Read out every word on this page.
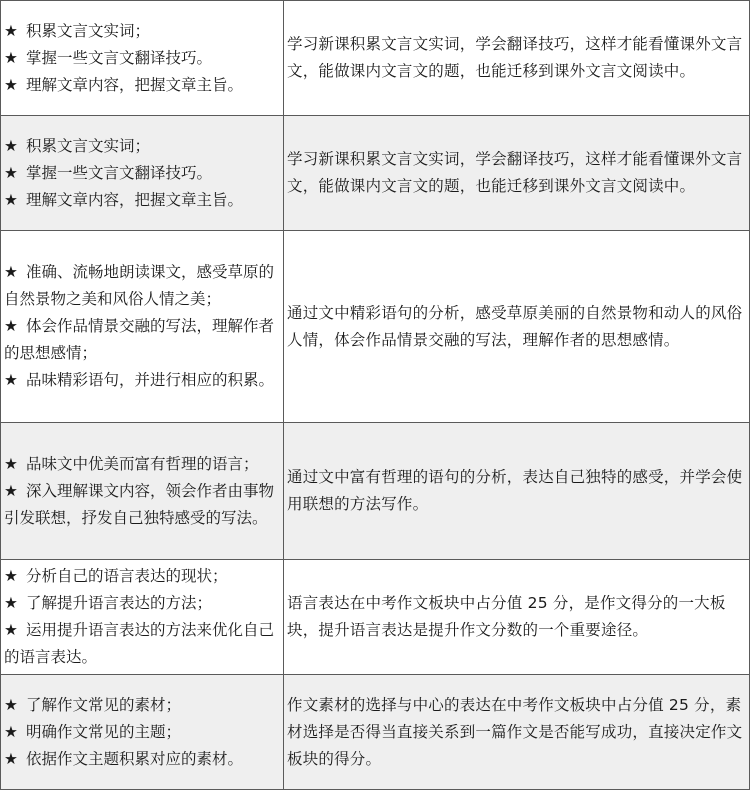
★ 积累文言文实词；
★ 掌握一些文言文翻译技巧。
★ 理解文章内容，把握文章主旨。	学习新课积累文言文实词，学会翻译技巧，这样才能看懂课外文言文，能做课内文言文的题，也能迁移到课外文言文阅读中。

★ 积累文言文实词；
★ 掌握一些文言文翻译技巧。
★ 理解文章内容，把握文章主旨。	学习新课积累文言文实词，学会翻译技巧，这样才能看懂课外文言文，能做课内文言文的题，也能迁移到课外文言文阅读中。

★ 准确、流畅地朗读课文，感受草原的自然景物之美和风俗人情之美；
★ 体会作品情景交融的写法，理解作者的思想感情；
★ 品味精彩语句，并进行相应的积累。	通过文中精彩语句的分析，感受草原美丽的自然景物和动人的风俗人情，体会作品情景交融的写法，理解作者的思想感情。

★ 品味文中优美而富有哲理的语言；
★ 深入理解课文内容，领会作者由事物引发联想，抒发自己独特感受的写法。	通过文中富有哲理的语句的分析，表达自己独特的感受，并学会使用联想的方法写作。

★ 分析自己的语言表达的现状；
★ 了解提升语言表达的方法；
★ 运用提升语言表达的方法来优化自己的语言表达。	语言表达在中考作文板块中占分值 25 分，是作文得分的一大板块，提升语言表达是提升作文分数的一个重要途径。

★ 了解作文常见的素材；
★ 明确作文常见的主题；
★ 依据作文主题积累对应的素材。	作文素材的选择与中心的表达在中考作文板块中占分值 25 分，素材选择是否得当直接关系到一篇作文是否能写成功，直接决定作文板块的得分。
